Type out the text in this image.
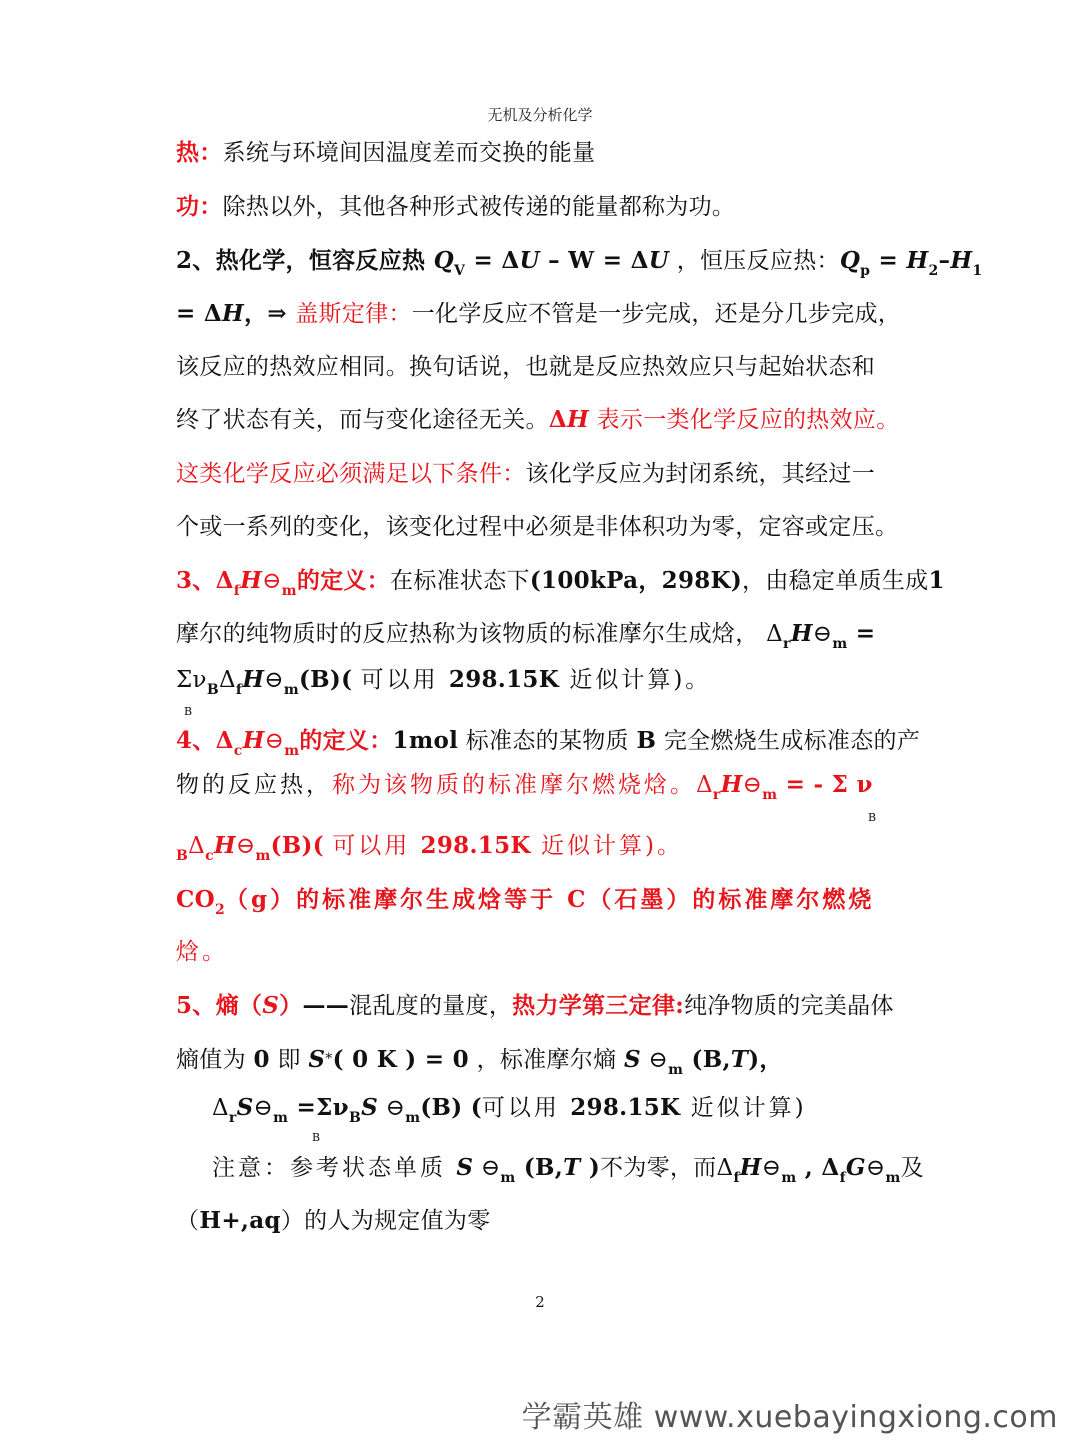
无机及分析化学
热：系统与环境间因温度差而交换的能量
功：除热以外，其他各种形式被传递的能量都称为功。
2、热化学，恒容反应热 $Q_V = \Delta U - W = \Delta U$ ，恒压反应热：$Q_p = H_2-H_1$
= ΔH，⇒ 盖斯定律：一化学反应不管是一步完成，还是分几步完成，
该反应的热效应相同。换句话说，也就是反应热效应只与起始状态和
终了状态有关，而与变化途径无关。ΔH 表示一类化学反应的热效应。
这类化学反应必须满足以下条件：该化学反应为封闭系统，其经过一
个或一系列的变化，该变化过程中必须是非体积功为零，定容或定压。
3、$\Delta_fH⊖_m$的定义：在标准状态下(100kPa，298K)，由稳定单质生成1
摩尔的纯物质时的反应热称为该物质的标准摩尔生成焓， $\Delta_rH⊖_m$ =
$\Sigma\nu_B\Delta_fH⊖_m(B)$( 可以用 298.15K 近似计算)。
B
4、$\Delta_cH⊖_m$的定义：1mol 标准态的某物质 B 完全燃烧生成标准态的产
物的反应热，称为该物质的标准摩尔燃烧焓。$\Delta_rH⊖_m$ = - Σ ν
B
$_B\Delta_cH⊖_m(B)$( 可以用 298.15K 近似计算)。
$CO_2(g)$的标准摩尔生成焓等于 C（石墨）的标准摩尔燃烧
焓。
5、熵（S）——混乱度的量度，热力学第三定律:纯净物质的完美晶体
熵值为 0 即 S*( 0 K ) = 0 ，标准摩尔熵 S $⊖_m$ (B,T)，
$\Delta_rS⊖_m =\Sigma\nu_BS$ $⊖_m(B)$ (可以用 298.15K 近似计算)
B
注意：参考状态单质 S $⊖_m$ (B,T )不为零，而$\Delta_fH⊖_m$ , $\Delta_fG⊖_m$及
（H+,aq）的人为规定值为零
2
学霸英雄 www.xuebayingxiong.com
